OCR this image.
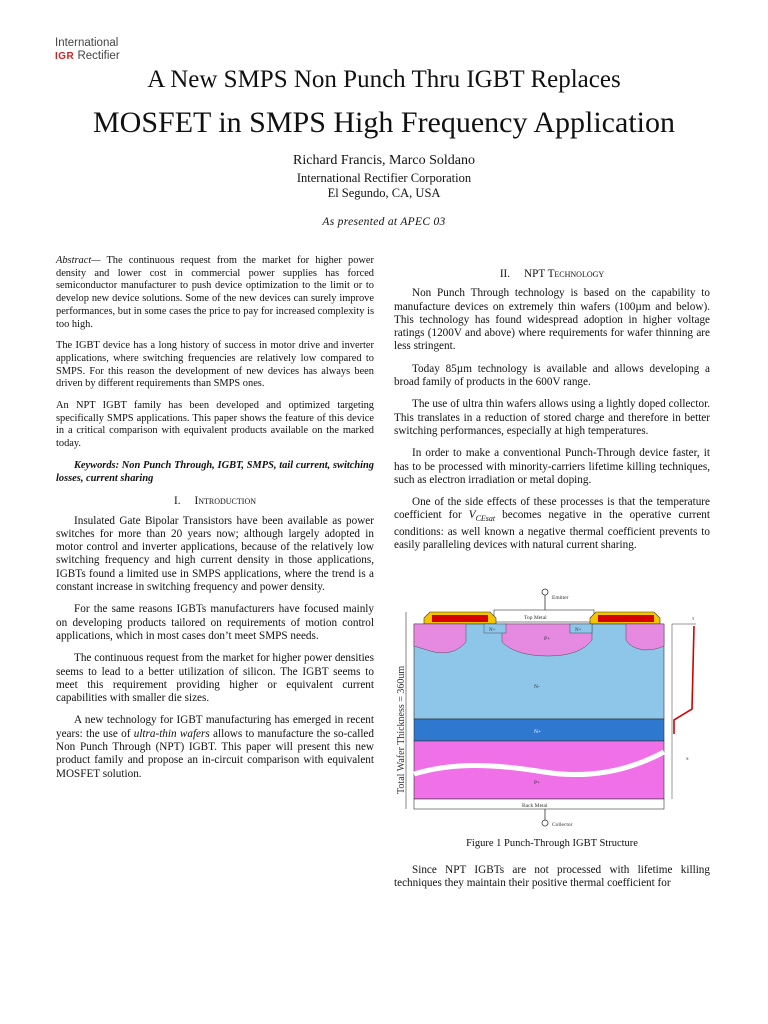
International
IGR Rectifier
A New SMPS Non Punch Thru IGBT Replaces
MOSFET in SMPS High Frequency Application
Richard Francis, Marco Soldano
International Rectifier Corporation
El Segundo, CA, USA
As presented at APEC 03

Abstract— The continuous request from the market for higher power density and lower cost in commercial power supplies has forced semiconductor manufacturer to push device optimization to the limit or to develop new device solutions. Some of the new devices can surely improve performances, but in some cases the price to pay for increased complexity is too high.

The IGBT device has a long history of success in motor drive and inverter applications, where switching frequencies are relatively low compared to SMPS. For this reason the development of new devices has always been driven by different requirements than SMPS ones.

An NPT IGBT family has been developed and optimized targeting specifically SMPS applications. This paper shows the feature of this device in a critical comparison with equivalent products available on the marked today.

Keywords: Non Punch Through, IGBT, SMPS, tail current, switching losses, current sharing

I. Introduction

Insulated Gate Bipolar Transistors have been available as power switches for more than 20 years now; although largely adopted in motor control and inverter applications, because of the relatively low switching frequency and high current density in those applications, IGBTs found a limited use in SMPS applications, where the trend is a constant increase in switching frequency and power density.

For the same reasons IGBTs manufacturers have focused mainly on developing products tailored on requirements of motion control applications, which in most cases don’t meet SMPS needs.

The continuous request from the market for higher power densities seems to lead to a better utilization of silicon. The IGBT seems to meet this requirement providing higher or equivalent current capabilities with smaller die sizes.

A new technology for IGBT manufacturing has emerged in recent years: the use of ultra-thin wafers allows to manufacture the so-called Non Punch Through (NPT) IGBT. This paper will present this new product family and propose an in-circuit comparison with equivalent MOSFET solution.

II. NPT Technology

Non Punch Through technology is based on the capability to manufacture devices on extremely thin wafers (100µm and below). This technology has found widespread adoption in higher voltage ratings (1200V and above) where requirements for wafer thinning are less stringent.

Today 85µm technology is available and allows developing a broad family of products in the 600V range.

The use of ultra thin wafers allows using a lightly doped collector. This translates in a reduction of stored charge and therefore in better switching performances, especially at high temperatures.

In order to make a conventional Punch-Through device faster, it has to be processed with minority-carriers lifetime killing techniques, such as electron irradiation or metal doping.

One of the side effects of these processes is that the temperature coefficient for $V_{CEsat}$ becomes negative in the operative current conditions: as well known a negative thermal coefficient prevents to easily paralleling devices with natural current sharing.

Emitter
Top Metal
N+	N+
P+
N-
N+
P+
Back Metal
Collector
Total Wafer Thickness = 360um
τ
x
Figure 1 Punch-Through IGBT Structure

Since NPT IGBTs are not processed with lifetime killing techniques they maintain their positive thermal coefficient for
